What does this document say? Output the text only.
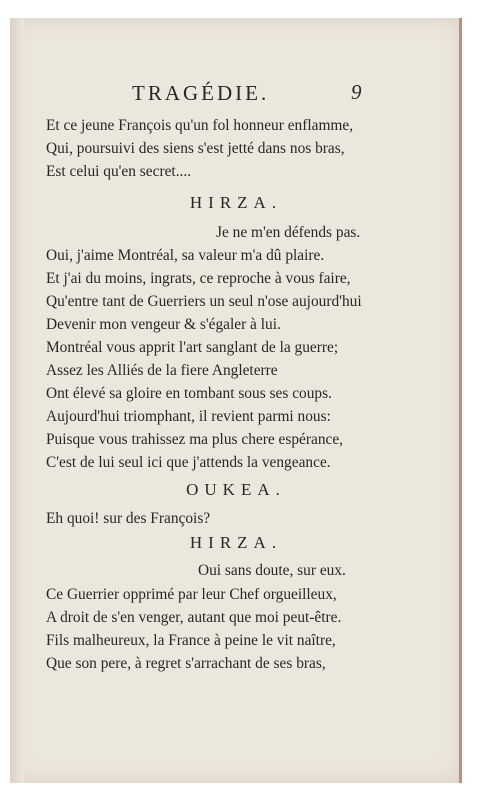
TRAGÉDIE.	9
Et ce jeune François qu'un fol honneur enflamme,
Qui, poursuivi des siens s'est jetté dans nos bras,
Est celui qu'en secret....
HIRZA.
Je ne m'en défends pas.
Oui, j'aime Montréal, sa valeur m'a dû plaire.
Et j'ai du moins, ingrats, ce reproche à vous faire,
Qu'entre tant de Guerriers un seul n'ose aujourd'hui
Devenir mon vengeur & s'égaler à lui.
Montréal vous apprit l'art sanglant de la guerre;
Assez les Alliés de la fiere Angleterre
Ont élevé sa gloire en tombant sous ses coups.
Aujourd'hui triomphant, il revient parmi nous:
Puisque vous trahissez ma plus chere espérance,
C'est de lui seul ici que j'attends la vengeance.
OUKEA.
Eh quoi! sur des François?
HIRZA.
Oui sans doute, sur eux.
Ce Guerrier opprimé par leur Chef orgueilleux,
A droit de s'en venger, autant que moi peut-être.
Fils malheureux, la France à peine le vit naître,
Que son pere, à regret s'arrachant de ses bras,
